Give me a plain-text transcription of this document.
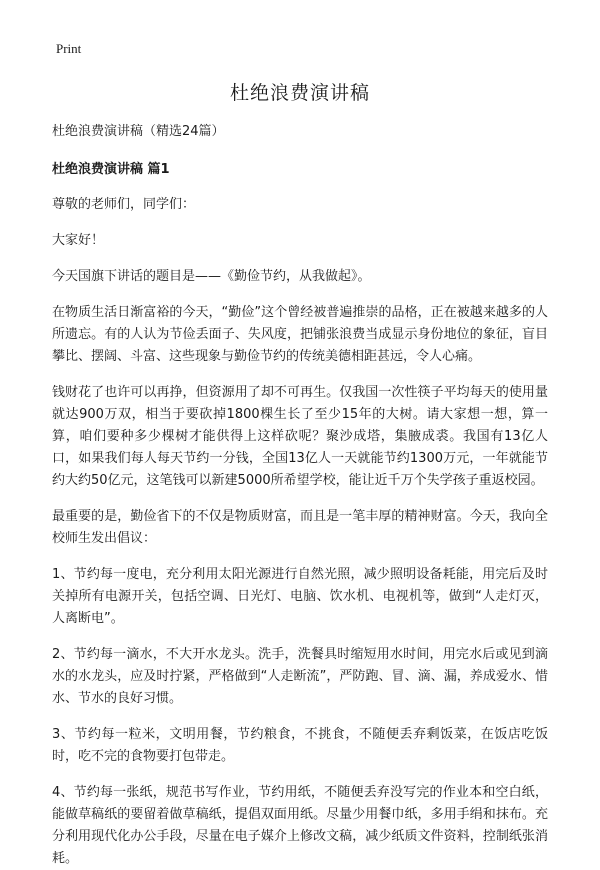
Print
杜绝浪费演讲稿
杜绝浪费演讲稿（精选24篇）
杜绝浪费演讲稿 篇1

尊敬的老师们，同学们：

大家好！

今天国旗下讲话的题目是——《勤俭节约，从我做起》。

在物质生活日渐富裕的今天，“勤俭”这个曾经被普遍推崇的品格，正在被越来越多的人所遗忘。有的人认为节俭丢面子、失风度，把铺张浪费当成显示身份地位的象征，盲目攀比、摆阔、斗富、这些现象与勤俭节约的传统美德相距甚远，令人心痛。

钱财花了也许可以再挣，但资源用了却不可再生。仅我国一次性筷子平均每天的使用量就达900万双，相当于要砍掉1800棵生长了至少15年的大树。请大家想一想，算一算，咱们要种多少棵树才能供得上这样砍呢？聚沙成塔，集腋成裘。我国有13亿人口，如果我们每人每天节约一分钱，全国13亿人一天就能节约1300万元，一年就能节约大约50亿元，这笔钱可以新建5000所希望学校，能让近千万个失学孩子重返校园。

最重要的是，勤俭省下的不仅是物质财富，而且是一笔丰厚的精神财富。今天，我向全校师生发出倡议：

1、节约每一度电，充分利用太阳光源进行自然光照，减少照明设备耗能，用完后及时关掉所有电源开关，包括空调、日光灯、电脑、饮水机、电视机等，做到“人走灯灭，人离断电”。

2、节约每一滴水，不大开水龙头。洗手，洗餐具时缩短用水时间，用完水后或见到滴水的水龙头，应及时拧紧，严格做到“人走断流”，严防跑、冒、滴、漏，养成爱水、惜水、节水的良好习惯。

3、节约每一粒米，文明用餐，节约粮食，不挑食，不随便丢弃剩饭菜，在饭店吃饭时，吃不完的食物要打包带走。

4、节约每一张纸，规范书写作业，节约用纸，不随便丢弃没写完的作业本和空白纸，能做草稿纸的要留着做草稿纸，提倡双面用纸。尽量少用餐巾纸，多用手绢和抹布。充分利用现代化办公手段，尽量在电子媒介上修改文稿，减少纸质文件资料，控制纸张消耗。
